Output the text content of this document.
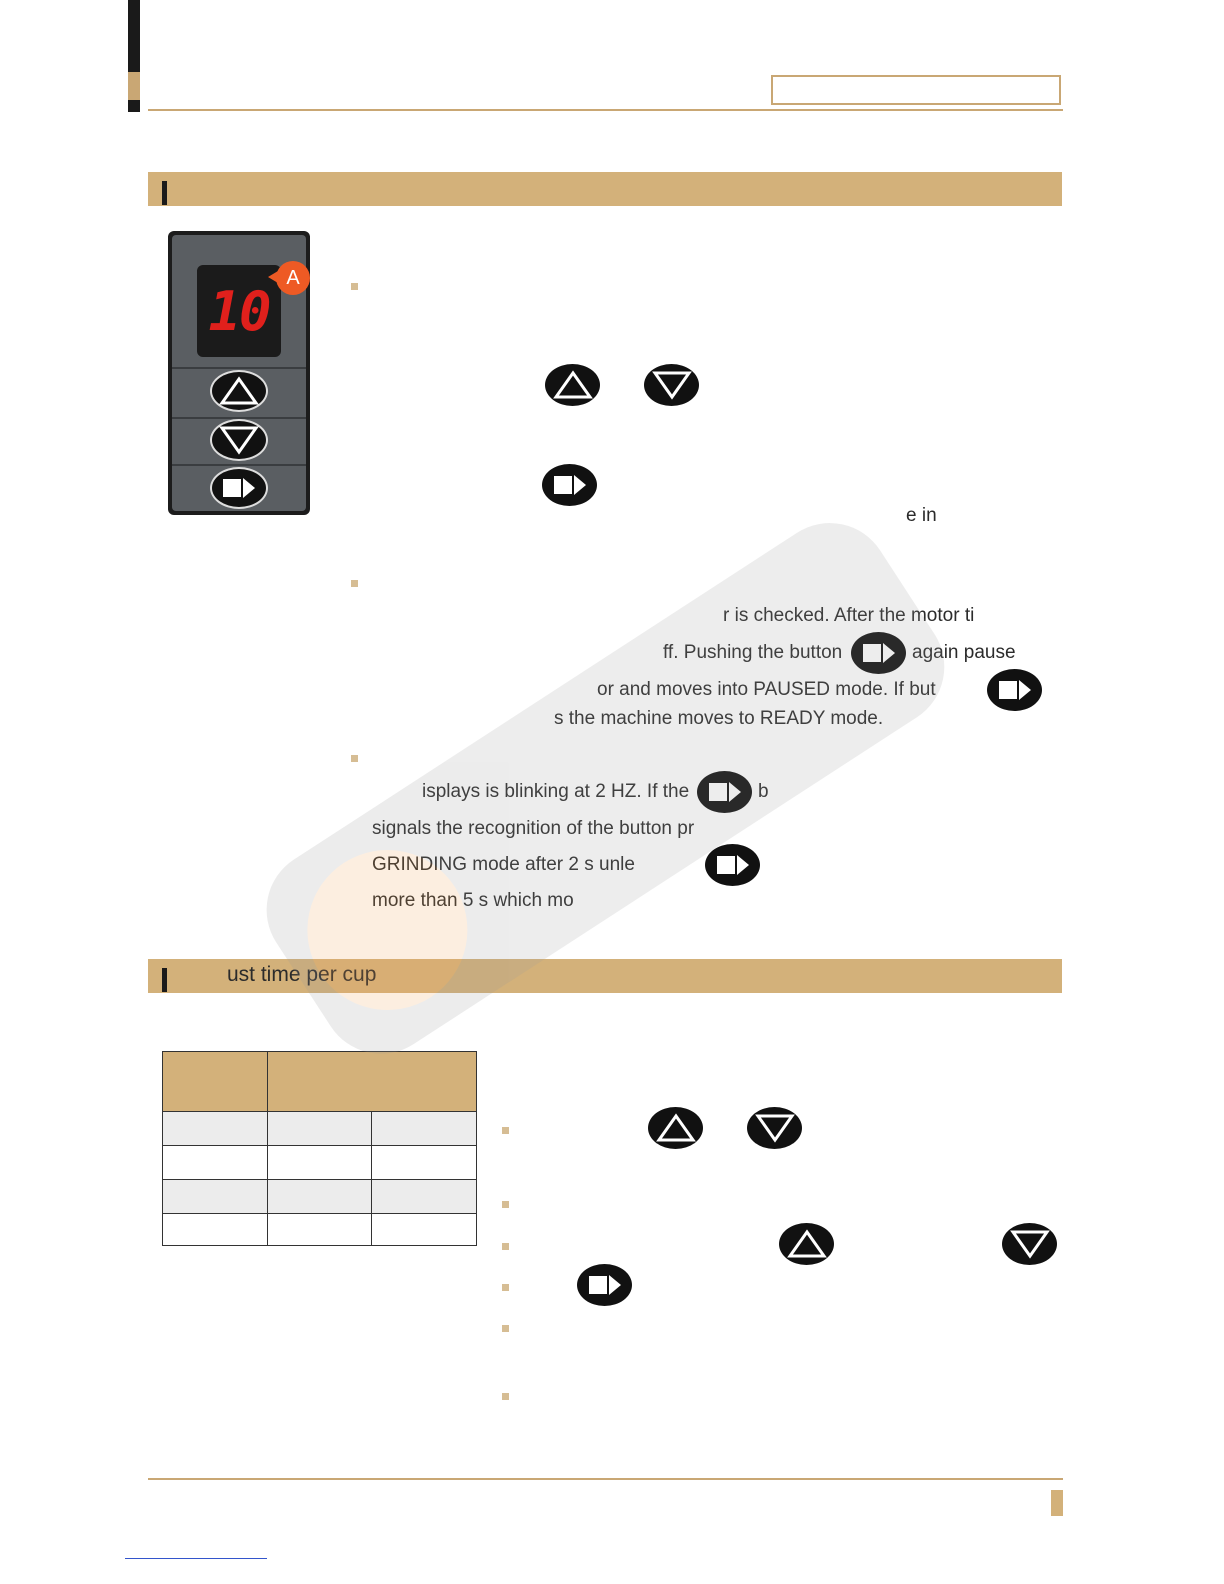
10
A
e in
r is checked. After the motor ti
ff. Pushing the button	again pause
or and moves into PAUSED mode. If but
s the machine moves to READY mode.
isplays is blinking at 2 HZ. If the	b
signals the recognition of the button pr
GRINDING mode after 2 s unle
more than 5 s which mo
ust time per cup
